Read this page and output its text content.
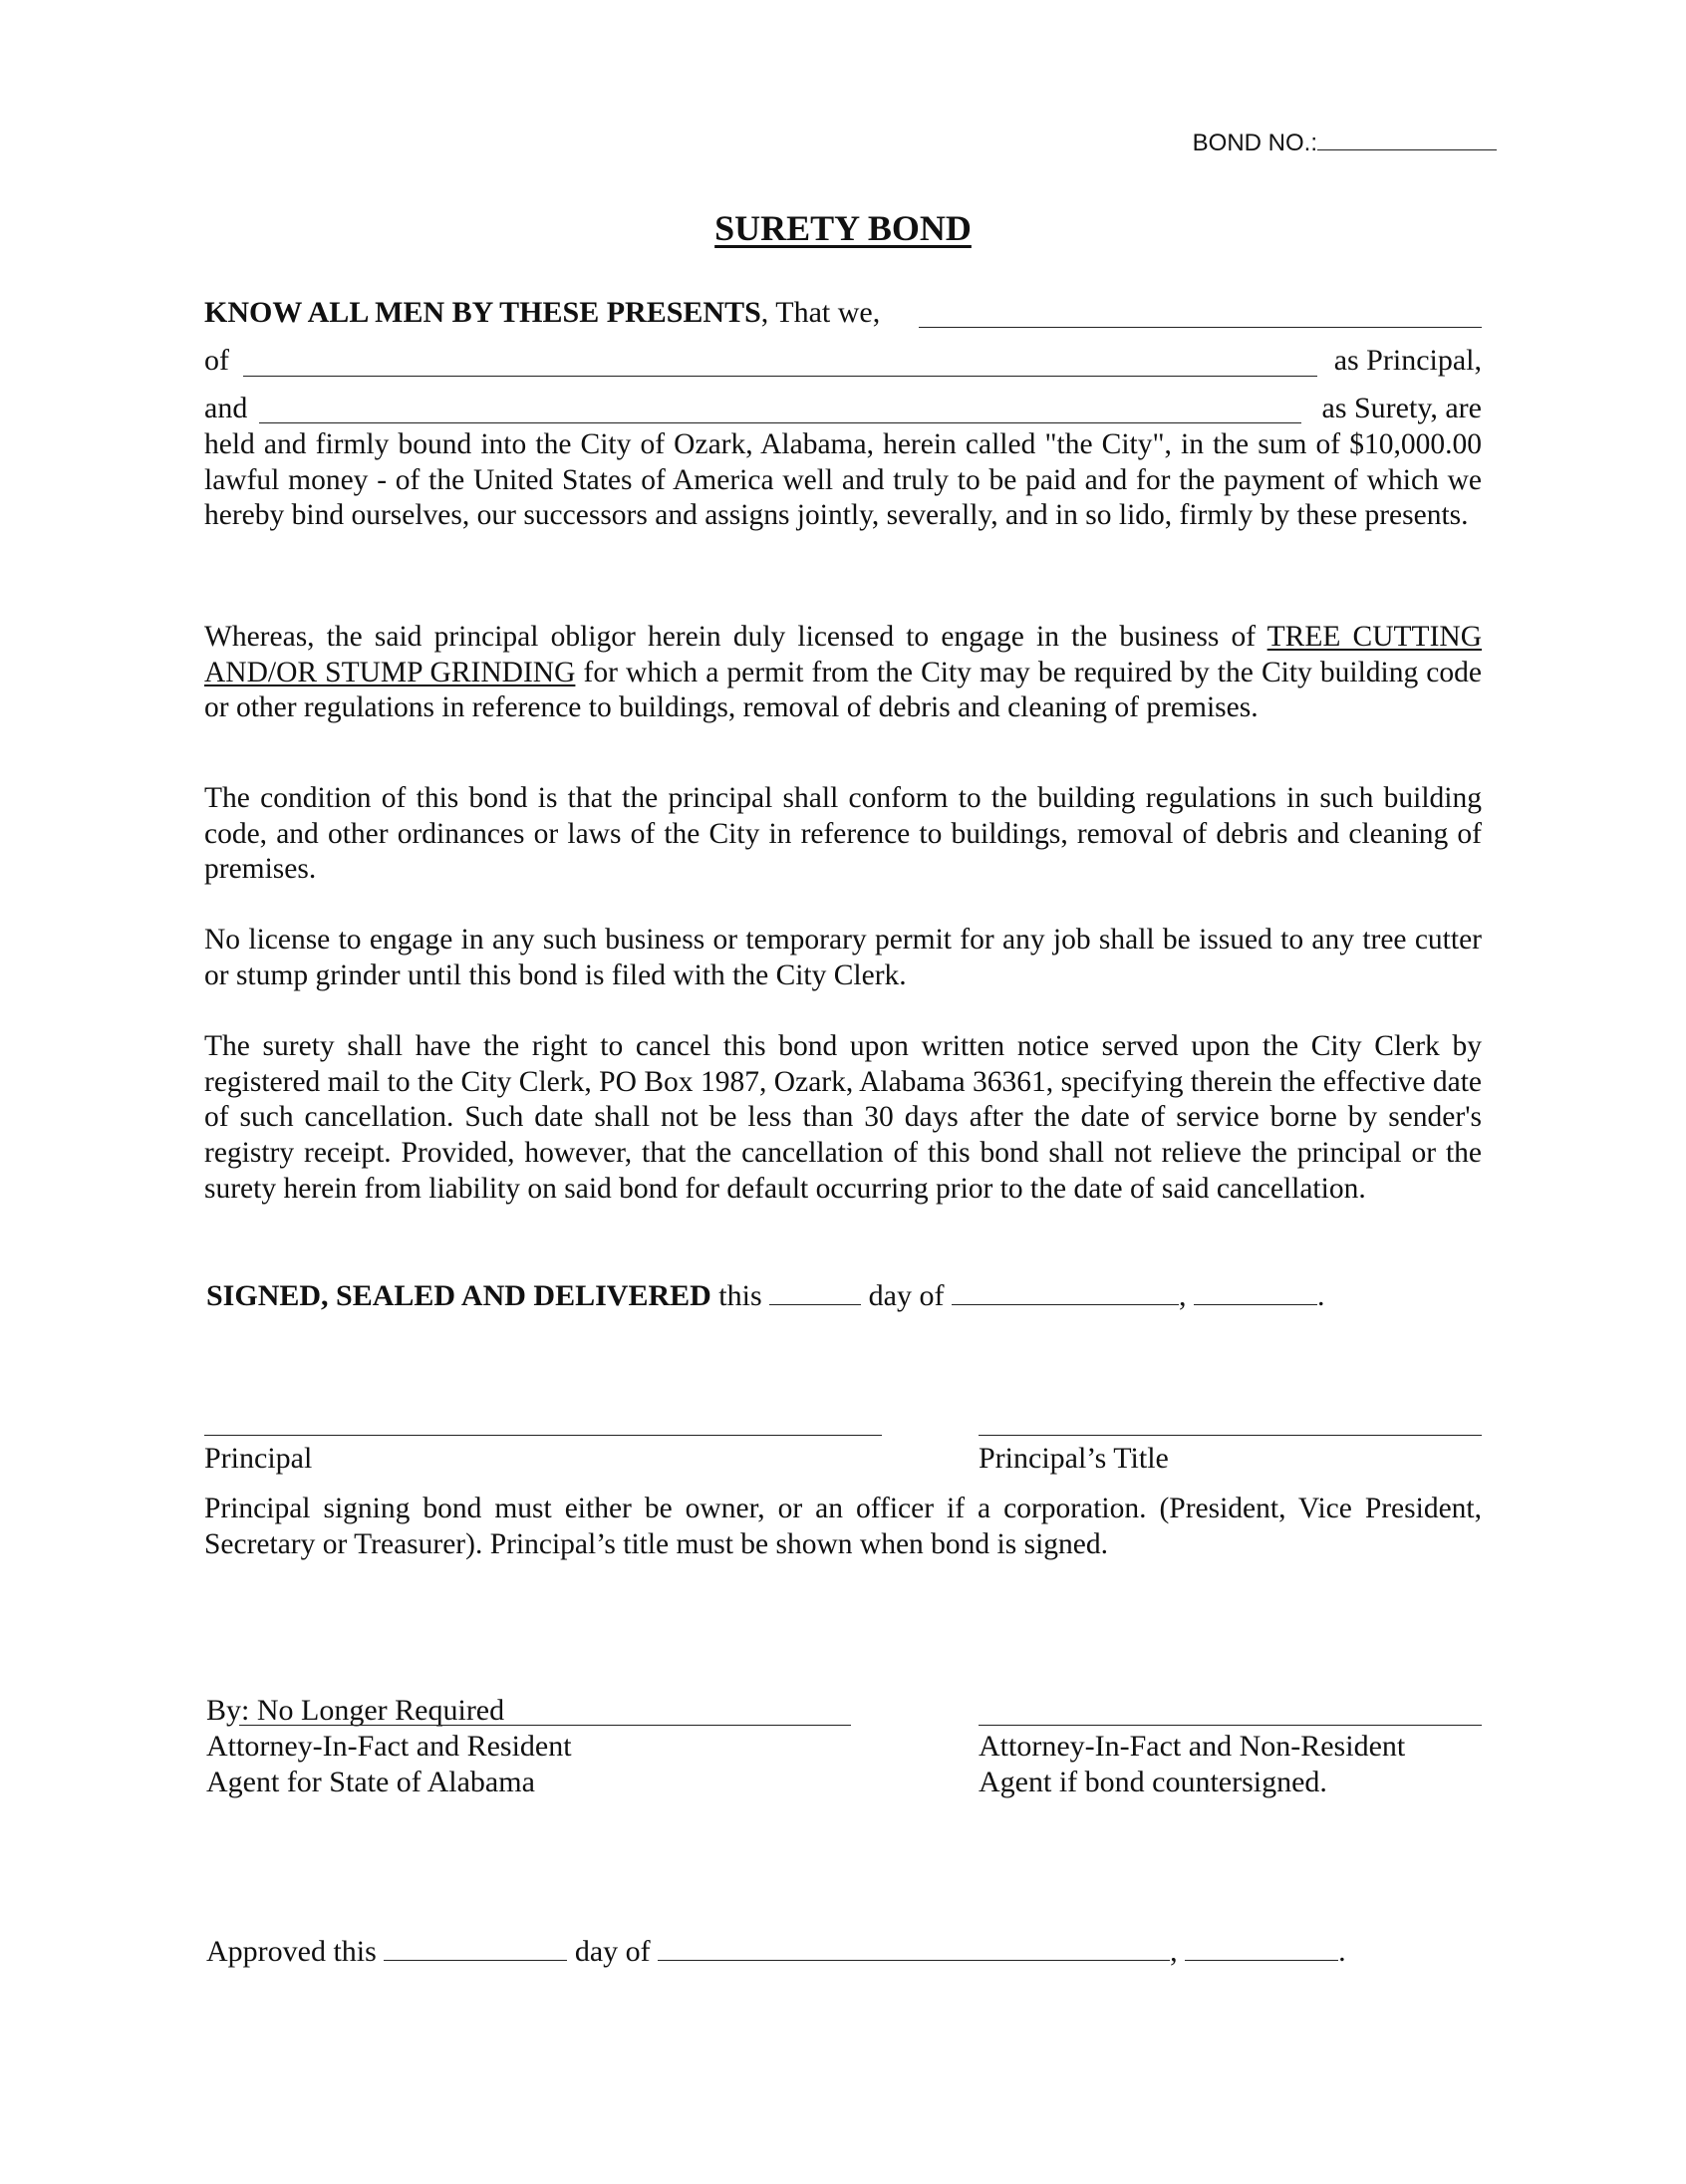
BOND NO.:
SURETY BOND
KNOW ALL MEN BY THESE PRESENTS, That we,
of	as Principal,
and	as Surety, are
held and firmly bound into the City of Ozark, Alabama, herein called "the City", in the sum of $10,000.00 lawful money - of the United States of America well and truly to be paid and for the payment of which we hereby bind ourselves, our successors and assigns jointly, severally, and in so lido, firmly by these presents.
Whereas, the said principal obligor herein duly licensed to engage in the business of TREE CUTTING AND/OR STUMP GRINDING for which a permit from the City may be required by the City building code or other regulations in reference to buildings, removal of debris and cleaning of premises.
The condition of this bond is that the principal shall conform to the building regulations in such building code, and other ordinances or laws of the City in reference to buildings, removal of debris and cleaning of premises.
No license to engage in any such business or temporary permit for any job shall be issued to any tree cutter or stump grinder until this bond is filed with the City Clerk.
The surety shall have the right to cancel this bond upon written notice served upon the City Clerk by registered mail to the City Clerk, PO Box 1987, Ozark, Alabama 36361, specifying therein the effective date of such cancellation. Such date shall not be less than 30 days after the date of service borne by sender's registry receipt. Provided, however, that the cancellation of this bond shall not relieve the principal or the surety herein from liability on said bond for default occurring prior to the date of said cancellation.
SIGNED, SEALED AND DELIVERED this	day of	,	.
Principal	Principal’s Title
Principal signing bond must either be owner, or an officer if a corporation. (President, Vice President, Secretary or Treasurer). Principal’s title must be shown when bond is signed.
By: No Longer Required
Attorney-In-Fact and Resident
Agent for State of Alabama
Attorney-In-Fact and Non-Resident
Agent if bond countersigned.
Approved this	day of	,	.
